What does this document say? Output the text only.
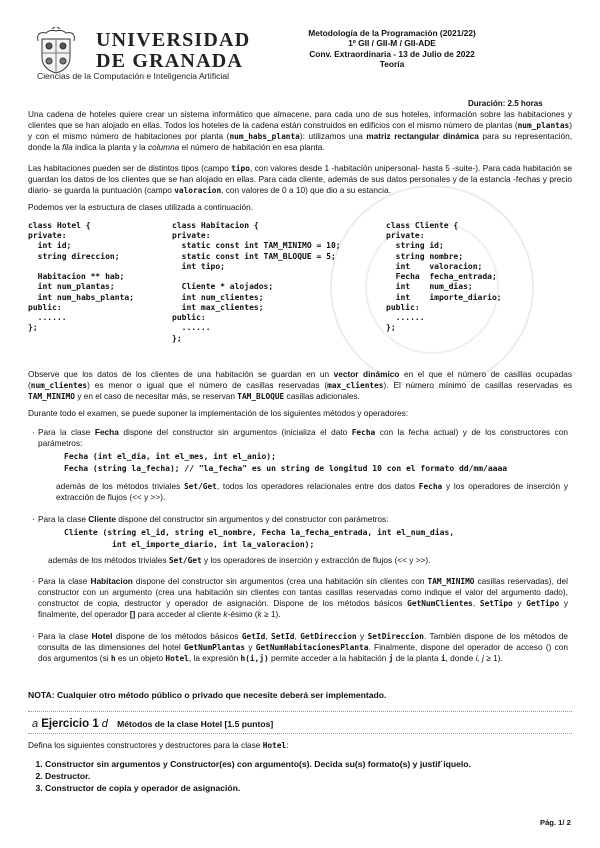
UNIVERSIDAD
DE GRANADA
Ciencias de la Computación e Inteligencia Artificial
Metodología de la Programación (2021/22)
1º GII / GII-M / GII-ADE
Conv. Extraordinaria - 13 de Julio de 2022
Teoría
Duración: 2.5 horas
Una cadena de hoteles quiere crear un sistema informático que almacene, para cada uno de sus hoteles, información sobre las habitaciones y clientes que se han alojado en ellas. Todos los hoteles de la cadena están construidos en edificios con el mismo número de plantas (num_plantas) y con el mismo número de habitaciones por planta (num_habs_planta): utilizamos una matriz rectangular dinámica para su representación, donde la fila indica la planta y la columna el número de habitación en esa planta.
Las habitaciones pueden ser de distintos tipos (campo tipo, con valores desde 1 -habitación unipersonal- hasta 5 -suite-). Para cada habitación se guardan los datos de los clientes que se han alojado en ellas. Para cada cliente, además de sus datos personales y de la estancia -fechas y precio diario- se guarda la puntuación (campo valoracion, con valores de 0 a 10) que dio a su estancia.
Podemos ver la estructura de clases utilizada a continuación.
class Hotel {
private:
int id;
string direccion;

Habitacion ** hab;
int num_plantas;
int num_habs_planta;
public:
......
};
class Habitacion {
private:
static const int TAM_MINIMO = 10;
static const int TAM_BLOQUE = 5;
int tipo;

Cliente * alojados;
int num_clientes;
int max_clientes;
public:
......
};
class Cliente {
private:
string id;
string nombre;
int    valoracion;
Fecha  fecha_entrada;
int    num_dias;
int    importe_diario;
public:
......
};
Observe que los datos de los clientes de una habitación se guardan en un vector dinámico en el que el número de casillas ocupadas (num_clientes) es menor o igual que el número de casillas reservadas (max_clientes). El número mínimo de casillas reservadas es TAM_MINIMO y en el caso de necesitar más, se reservan TAM_BLOQUE casillas adicionales.
Durante todo el examen, se puede suponer la implementación de los siguientes métodos y operadores:
· Para la clase Fecha dispone del constructor sin argumentos (inicializa el dato Fecha con la fecha actual) y de los constructores con parámetros:
Fecha (int el_dia, int el_mes, int el_anio);
Fecha (string la_fecha); // "la_fecha" es un string de longitud 10 con el formato dd/mm/aaaa
además de los métodos triviales Set/Get, todos los operadores relacionales entre dos datos Fecha y los operadores de inserción y extracción de flujos (<< y >>).
· Para la clase Cliente dispone del constructor sin argumentos y del constructor con parámetros:
Cliente (string el_id, string el_nombre, Fecha la_fecha_entrada, int el_num_dias,
int el_importe_diario, int la_valoracion);
además de los métodos triviales Set/Get y los operadores de inserción y extracción de flujos (<< y >>).
· Para la clase Habitacion dispone del constructor sin argumentos (crea una habitación sin clientes con TAM_MINIMO casillas reservadas), del constructor con un argumento (crea una habitación sin clientes con tantas casillas reservadas como indique el valor del argumento dado), constructor de copia, destructor y operador de asignación. Dispone de los métodos básicos GetNumClientes, SetTipo y GetTipo y finalmente, del operador [] para acceder al cliente k-ésimo (k ≥ 1).
· Para la clase Hotel dispone de los métodos básicos GetId, SetId, GetDireccion y SetDireccion. También dispone de los métodos de consulta de las dimensiones del hotel GetNumPlantas y GetNumHabitacionesPlanta. Finalmente, dispone del operador de acceso () con dos argumentos (si h es un objeto Hotel, la expresión h(i,j) permite acceder a la habitación j de la planta i, donde i, j ≥ 1).
NOTA: Cualquier otro método público o privado que necesite deberá ser implementado.
a Ejercicio 1 d Métodos de la clase Hotel [1.5 puntos]
Defina los siguientes constructores y destructores para la clase Hotel:
1. Constructor sin argumentos y Constructor(es) con argumento(s). Decida su(s) formato(s) y justif´iquelo.
2. Destructor.
3. Constructor de copia y operador de asignación.
Pág. 1/ 2
